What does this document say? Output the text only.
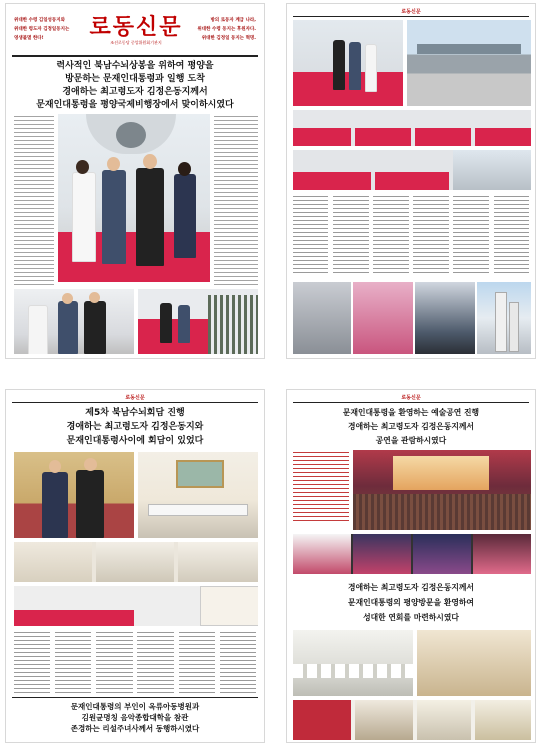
위대한 수령 김일성동지와
위대한 령도자 김정일동지는
영생불멸 한다!	로동신문
조선로동당 중앙위원회기관지
방의 로동자 계급 나라,
위대한 수령 동지는 후원자다.
위대한 김정일 동지는 혁명.
력사적인 북남수뇌상봉을 위하여 평양을
방문하는 문재인대통령과 일행 도착
경애하는 최고령도자 김정은동지께서
문재인대통령을 평양국제비행장에서 맞이하시였다
로동신문
로동신문
제5차 북남수뇌회담 진행
경애하는 최고령도자 김정은동지와
문재인대통령사이에 회담이 있었다
문재인대통령의 부인이 옥류아동병원과
김원균명칭 음악종합대학을 참관
존경하는 리설주녀사께서 동행하시였다
로동신문
문재인대통령을 환영하는 예술공연 진행
경애하는 최고령도자 김정은동지께서
공연을 관람하시였다
경애하는 최고령도자 김정은동지께서
문재인대통령의 평양방문을 환영하여
성대한 연회를 마련하시였다
